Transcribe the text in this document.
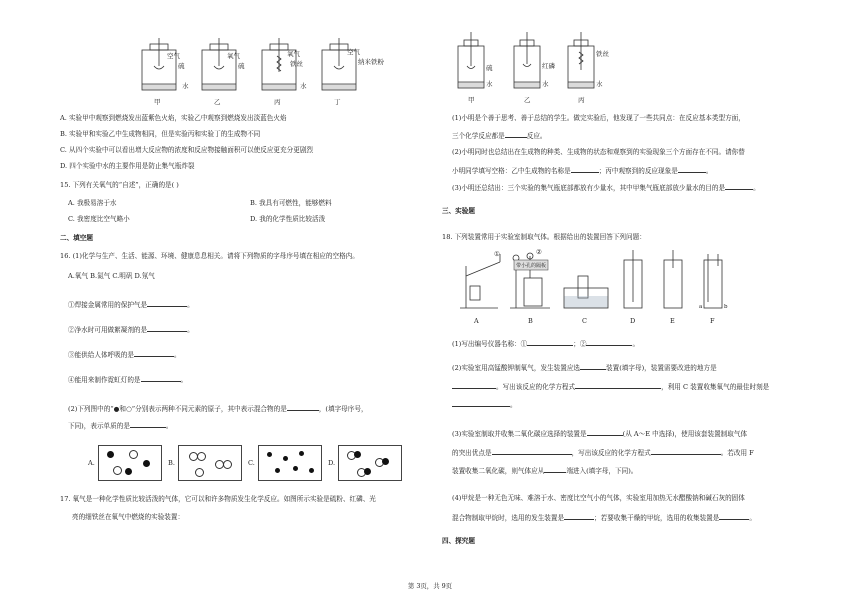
空气
硫
氧气
硫
氧气
铁丝
水
空气
纳米铁粉
水
甲	乙	丙	丁
A. 实验甲中观察到燃烧发出蓝紫色火焰，实验乙中观察到燃烧发出淡蓝色火焰
B. 实验甲和实验乙中生成物相同，但是实验丙和实验丁的生成物不同
C. 从四个实验中可以看出增大反应物的浓度和反应物接触面积可以使反应更充分更剧烈
D. 四个实验中水的主要作用是防止集气瓶炸裂
15. 下列有关氧气的“自述”，正确的是( )
A. 我极易溶于水	B. 我具有可燃性，能够燃料
C. 我密度比空气略小	D. 我的化学性质比较活泼
二、填空题
16. (1)化学与生产、生活、能源、环境、健康息息相关。请将下列物质的字母序号填在相应的空格内。
A.氧气 B.氮气 C.明矾 D.氖气
①焊接金属常用的保护气是	。
②净水时可用做絮凝剂的是	。
③能供给人体呼吸的是	。
④能用来制作霓虹灯的是	。
(2)下列图中的“●和○”分别表示两种不同元素的原子，其中表示混合物的是	，(填字母序号，
下同)，表示单质的是	。
A.	B.	C.	D.
17. 氧气是一种化学性质比较活泼的气体，它可以和许多物质发生化学反应。如图所示实验是硫粉、红磷、光
亮的细铁丝在氧气中燃烧的实验装置：
硫
水
红磷
水
铁丝
水
甲	乙	丙
(1)小明是个善于思考、善于总结的学生。做完实验后，他发现了一些共同点：在反应基本类型方面，
三个化学反应都是	反应。
(2)小明同时也总结出在生成物的种类、生成物的状态和观察到的实验现象三个方面存在不同。请你替
小明同学填写空格：乙中生成物的名称是	；丙中观察到的反应现象是	。
(3)小明还总结出：三个实验的集气瓶底部都放有少量水，其中甲集气瓶底部放少量水的目的是	。
三、实验题
18. 下列装置常用于实验室制取气体。根据给出的装置回答下列问题：
A	B	C	D	E	F
①	②
带小孔的隔板
a	b
(1)写出编号仪器名称：①	；②	。
(2)实验室用高锰酸钾制氧气，发生装置应选	装置(填字母)，装置需要改进的地方是
。写出该反应的化学方程式	，利用 C 装置收集氧气的最佳时刻是
。
(3)实验室制取并收集二氧化碳应选择的装置是	(从 A～E 中选择)，使用该套装置制取气体
的突出优点是	，写出该反应的化学方程式	。若改用 F
装置收集二氧化碳，则气体应从	端进入(填字母，下同)。
(4)甲烷是一种无色无味、难溶于水、密度比空气小的气体，实验室用加热无水醋酸钠和碱石灰的固体
混合物制取甲烷时，选用的发生装置是	；若要收集干燥的甲烷，选用的收集装置是	。
四、探究题
第 3页，共 9页
